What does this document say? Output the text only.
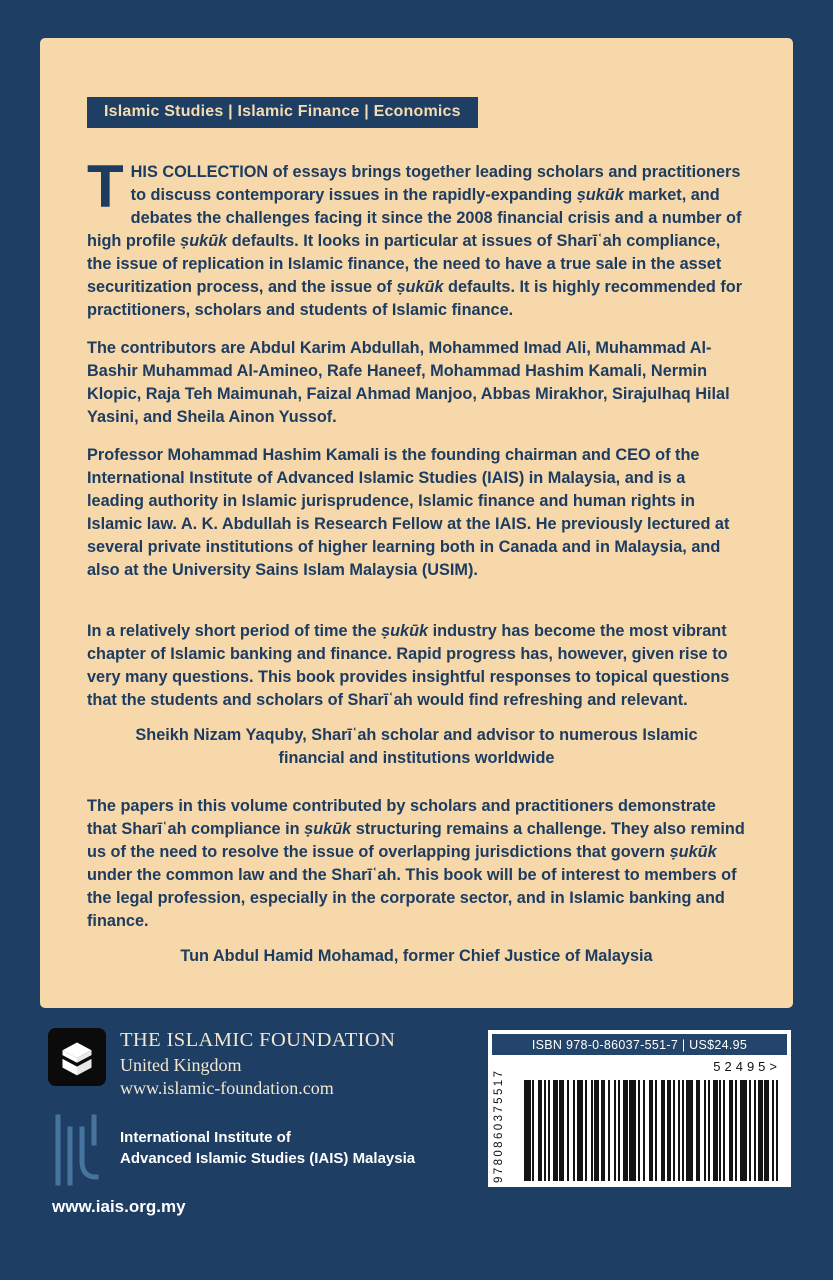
Islamic Studies | Islamic Finance | Economics

THIS COLLECTION of essays brings together leading scholars and practitioners to discuss contemporary issues in the rapidly-expanding ṣukūk market, and debates the challenges facing it since the 2008 financial crisis and a number of high profile ṣukūk defaults. It looks in particular at issues of Sharīʿah compliance, the issue of replication in Islamic finance, the need to have a true sale in the asset securitization process, and the issue of ṣukūk defaults. It is highly recommended for practitioners, scholars and students of Islamic finance.

The contributors are Abdul Karim Abdullah, Mohammed Imad Ali, Muhammad Al-Bashir Muhammad Al-Amineo, Rafe Haneef, Mohammad Hashim Kamali, Nermin Klopic, Raja Teh Maimunah, Faizal Ahmad Manjoo, Abbas Mirakhor, Sirajulhaq Hilal Yasini, and Sheila Ainon Yussof.

Professor Mohammad Hashim Kamali is the founding chairman and CEO of the International Institute of Advanced Islamic Studies (IAIS) in Malaysia, and is a leading authority in Islamic jurisprudence, Islamic finance and human rights in Islamic law. A. K. Abdullah is Research Fellow at the IAIS. He previously lectured at several private institutions of higher learning both in Canada and in Malaysia, and also at the University Sains Islam Malaysia (USIM).

In a relatively short period of time the ṣukūk industry has become the most vibrant chapter of Islamic banking and finance. Rapid progress has, however, given rise to very many questions. This book provides insightful responses to topical questions that the students and scholars of Sharīʿah would find refreshing and relevant.

Sheikh Nizam Yaquby, Sharīʿah scholar and advisor to numerous Islamic financial and institutions worldwide

The papers in this volume contributed by scholars and practitioners demonstrate that Sharīʿah compliance in ṣukūk structuring remains a challenge. They also remind us of the need to resolve the issue of overlapping jurisdictions that govern ṣukūk under the common law and the Sharīʿah. This book will be of interest to members of the legal profession, especially in the corporate sector, and in Islamic banking and finance.

Tun Abdul Hamid Mohamad, former Chief Justice of Malaysia

THE ISLAMIC FOUNDATION
United Kingdom
www.islamic-foundation.com
International Institute of
Advanced Islamic Studies (IAIS) Malaysia
www.iais.org.my
ISBN 978-0-86037-551-7 | US$24.95
52495>
9780860375517
